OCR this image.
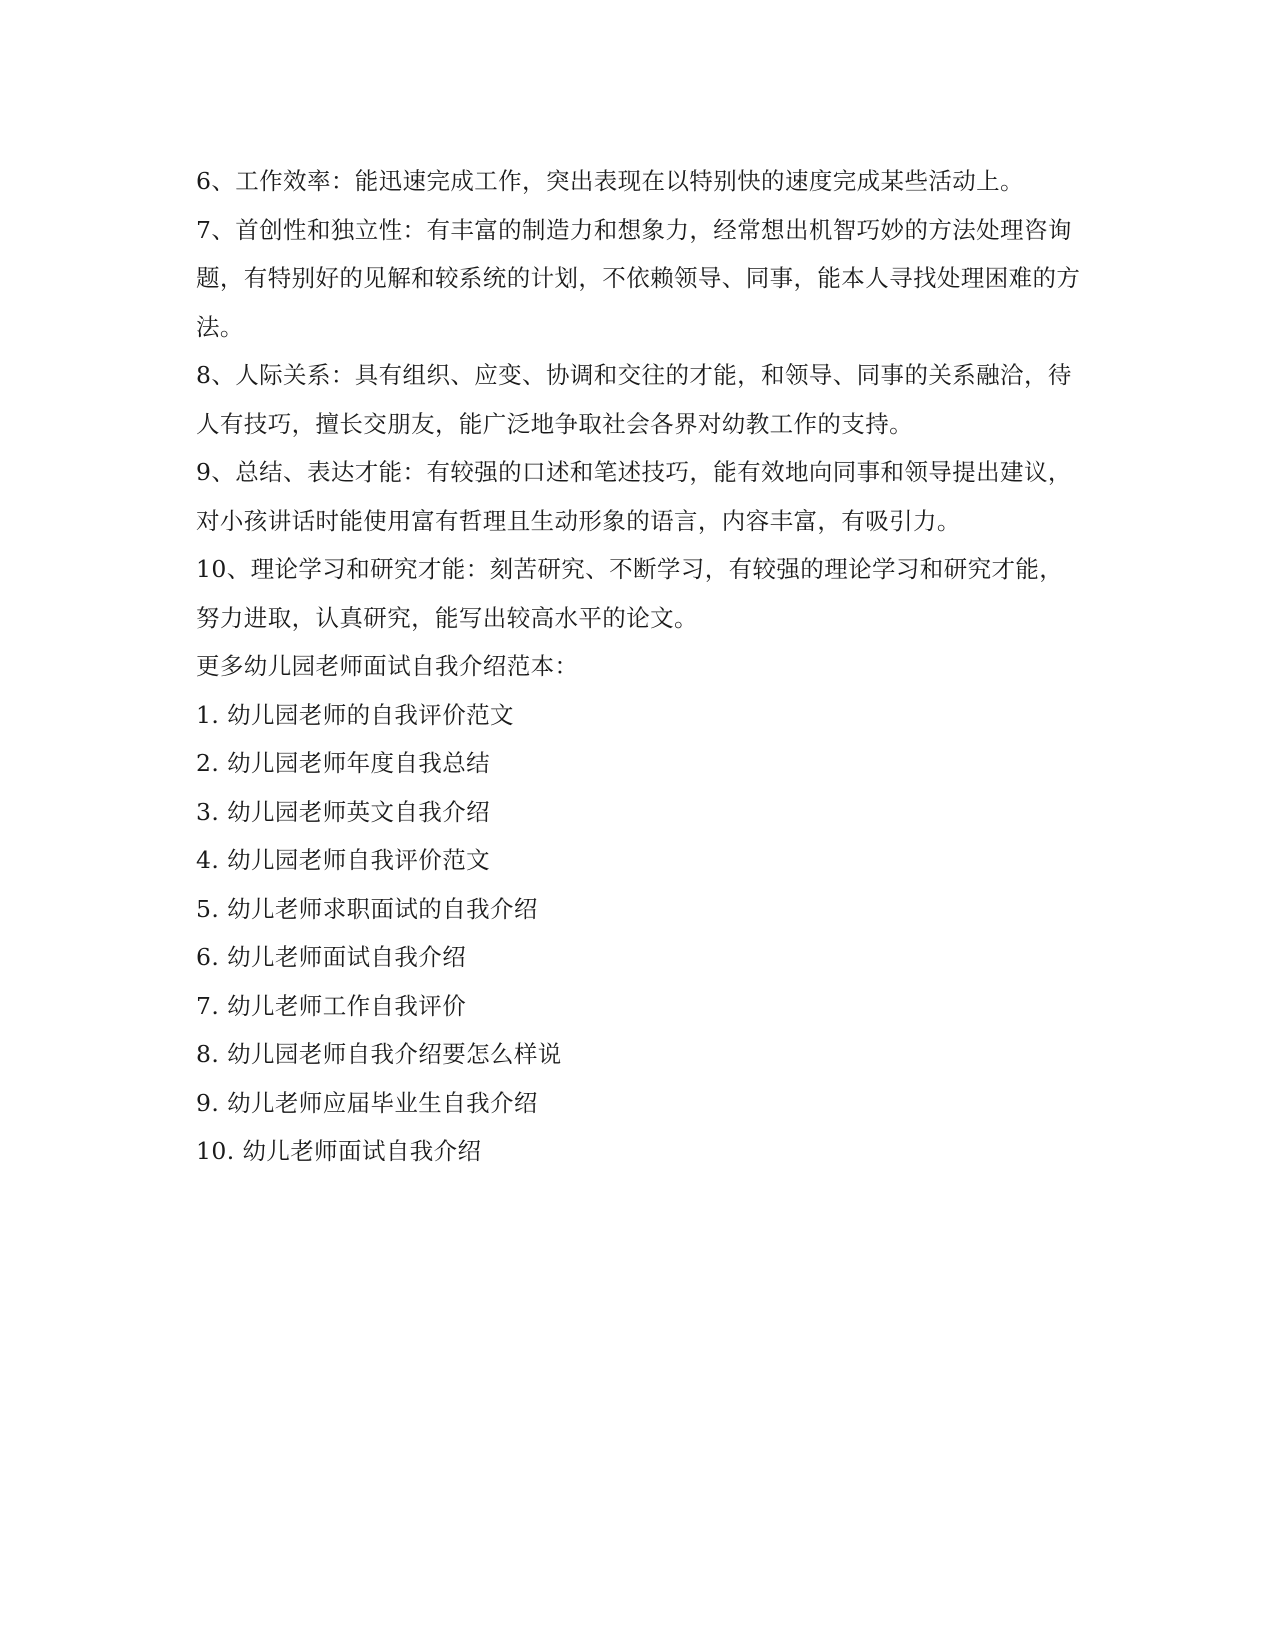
6、工作效率：能迅速完成工作，突出表现在以特别快的速度完成某些活动上。

7、首创性和独立性：有丰富的制造力和想象力，经常想出机智巧妙的方法处理咨询题，有特别好的见解和较系统的计划，不依赖领导、同事，能本人寻找处理困难的方法。

8、人际关系：具有组织、应变、协调和交往的才能，和领导、同事的关系融洽，待人有技巧，擅长交朋友，能广泛地争取社会各界对幼教工作的支持。

9、总结、表达才能：有较强的口述和笔述技巧，能有效地向同事和领导提出建议，对小孩讲话时能使用富有哲理且生动形象的语言，内容丰富，有吸引力。

10、理论学习和研究才能：刻苦研究、不断学习，有较强的理论学习和研究才能，努力进取，认真研究，能写出较高水平的论文。

更多幼儿园老师面试自我介绍范本：

1. 幼儿园老师的自我评价范文
2. 幼儿园老师年度自我总结
3. 幼儿园老师英文自我介绍
4. 幼儿园老师自我评价范文
5. 幼儿老师求职面试的自我介绍
6. 幼儿老师面试自我介绍
7. 幼儿老师工作自我评价
8. 幼儿园老师自我介绍要怎么样说
9. 幼儿老师应届毕业生自我介绍
10. 幼儿老师面试自我介绍
